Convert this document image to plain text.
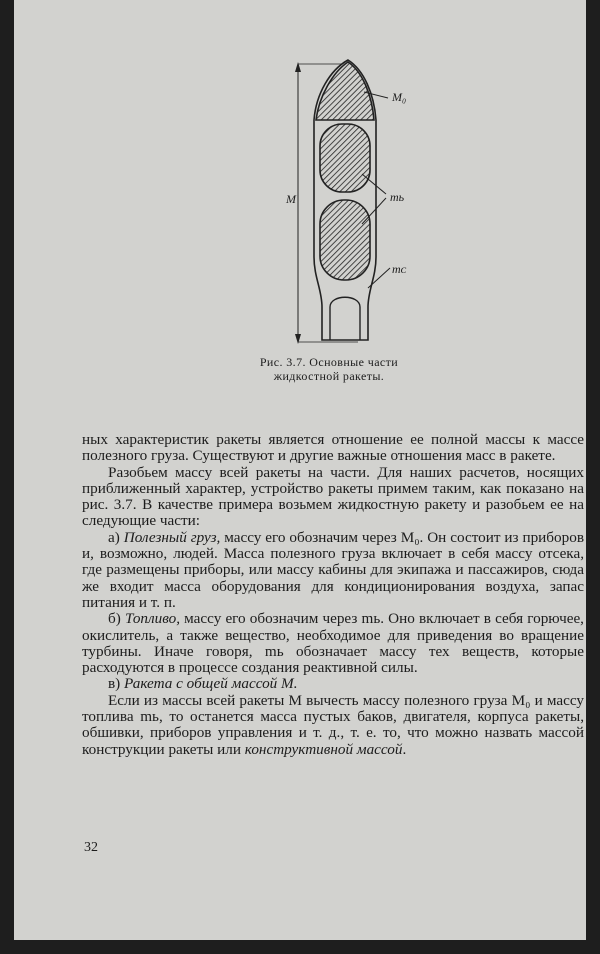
M
M₀
mь
mᴄ
Рис. 3.7. Основные части жидкостной ракеты.

ных характеристик ракеты является отношение ее полной массы к массе полезного груза. Существуют и другие важные отношения масс в ракете.

Разобьем массу всей ракеты на части. Для наших расчетов, носящих приближенный характер, устройство ракеты примем таким, как показано на рис. 3.7. В качестве примера возьмем жидкостную ракету и разобьем ее на следующие части:

а) Полезный груз, массу его обозначим через M₀. Он состоит из приборов и, возможно, людей. Масса полезного груза включает в себя массу отсека, где размещены приборы, или массу кабины для экипажа и пассажиров, сюда же входит масса оборудования для кондиционирования воздуха, запас питания и т. п.

б) Топливо, массу его обозначим через mь. Оно включает в себя горючее, окислитель, а также вещество, необходимое для приведения во вращение турбины. Иначе говоря, mь обозначает массу тех веществ, которые расходуются в процессе создания реактивной силы.

в) Ракета с общей массой M.

Если из массы всей ракеты M вычесть массу полезного груза M₀ и массу топлива mь, то останется масса пустых баков, двигателя, корпуса ракеты, обшивки, приборов управления и т. д., т. е. то, что можно назвать массой конструкции ракеты или конструктивной массой.

32
